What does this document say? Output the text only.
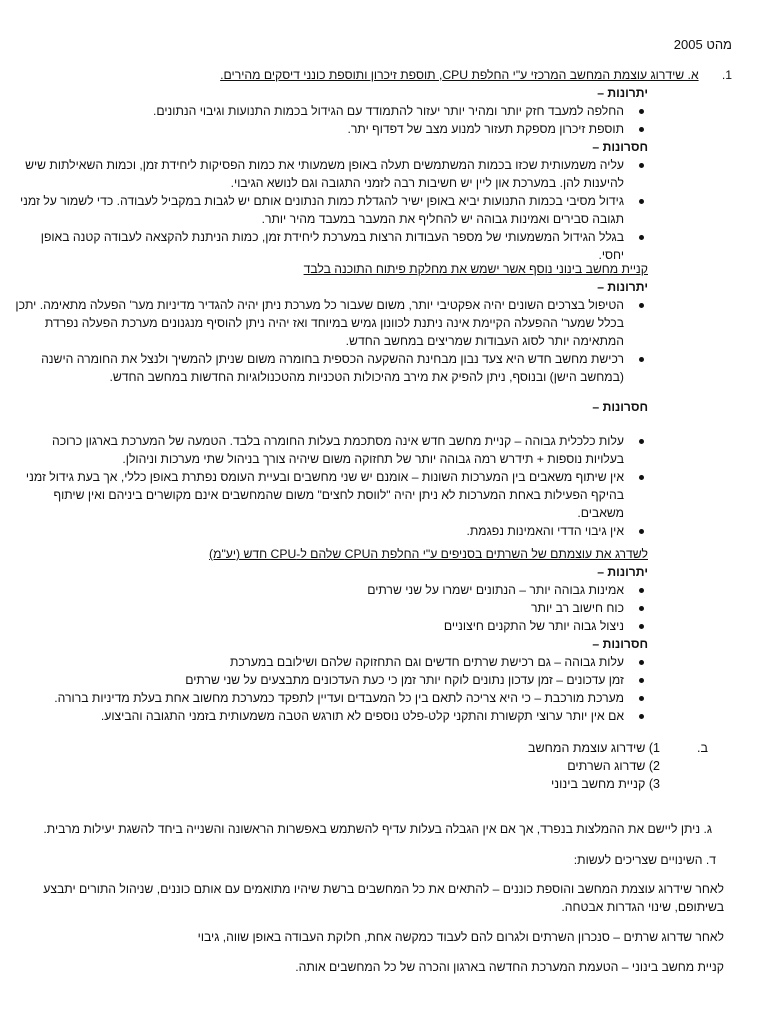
מהט 2005
1. א. שידרוג עוצמת המחשב המרכזי ע"י החלפת CPU, תוספת זיכרון ותוספת כונני דיסקים מהירים.
יתרונות –
החלפה למעבד חזק יותר ומהיר יותר יעזור להתמודד עם הגידול בכמות התנועות וגיבוי הנתונים.
תוספת זיכרון מספקת תעזור למנוע מצב של דפדוף יתר.
חסרונות –
עליה משמעותית שכזו בכמות המשתמשים תעלה באופן משמעותי את כמות הפסיקות ליחידת זמן, וכמות השאילתות שיש להיענות להן. במערכת און ליין יש חשיבות רבה לזמני התגובה וגם לנושא הגיבוי.
גידול מסיבי בכמות התנועות יביא באופן ישיר להגדלת כמות הנתונים אותם יש לגבות במקביל לעבודה. כדי לשמור על זמני תגובה סבירים ואמינות גבוהה יש להחליף את המעבר במעבד מהיר יותר.
בגלל הגידול המשמעותי של מספר העבודות הרצות במערכת ליחידת זמן, כמות הניתנת להקצאה לעבודה קטנה באופן יחסי.
קניית מחשב בינוני נוסף אשר ישמש את מחלקת פיתוח התוכנה בלבד
יתרונות –
הטיפול בצרכים השונים יהיה אפקטיבי יותר, משום שעבור כל מערכת ניתן יהיה להגדיר מדיניות מער' הפעלה מתאימה. יתכן בכלל שמער' ההפעלה הקיימת אינה ניתנת לכוונון גמיש במיוחד ואז יהיה ניתן להוסיף מנגנונים מערכת הפעלה נפרדת המתאימה יותר לסוג העבודות שמריצים במחשב החדש.
רכישת מחשב חדש היא צעד נבון מבחינת ההשקעה הכספית בחומרה משום שניתן להמשיך ולנצל את החומרה הישנה (במחשב הישן) ובנוסף, ניתן להפיק את מירב מהיכולות הטכניות מהטכנולוגיות החדשות במחשב החדש.
חסרונות –
עלות כלכלית גבוהה – קניית מחשב חדש אינה מסתכמת בעלות החומרה בלבד. הטמעה של המערכת בארגון כרוכה בעלויות נוספות + תידרש רמה גבוהה יותר של תחזוקה משום שיהיה צורך בניהול שתי מערכות וניהולן.
אין שיתוף משאבים בין המערכות השונות – אומנם יש שני מחשבים ובעיית העומס נפתרת באופן כללי, אך בעת גידול זמני בהיקף הפעילות באחת המערכות לא ניתן יהיה "לווסת לחצים" משום שהמחשבים אינם מקושרים ביניהם ואין שיתוף משאבים.
אין גיבוי הדדי והאמינות נפגמת.
לשדרג את עוצמתם של השרתים בסניפים ע"י החלפת הCPU שלהם ל-CPU חדש (יע"מ)
יתרונות –
אמינות גבוהה יותר – הנתונים ישמרו על שני שרתים
כוח חישוב רב יותר
ניצול גבוה יותר של התקנים חיצוניים
חסרונות –
עלות גבוהה – גם רכישת שרתים חדשים וגם התחזוקה שלהם ושילובם במערכת
זמן עדכונים – זמן עדכון נתונים לוקח יותר זמן כי כעת העדכונים מתבצעים על שני שרתים
מערכת מורכבת – כי היא צריכה לתאם בין כל המעבדים ועדיין לתפקד כמערכת מחשוב אחת בעלת מדיניות ברורה.
אם אין יותר ערוצי תקשורת והתקני קלט-פלט נוספים לא תורגש הטבה משמעותית בזמני התגובה והביצוע.
ב.
1) שידרוג עוצמת המחשב
2) שדרוג השרתים
3) קניית מחשב בינוני
ג. ניתן ליישם את ההמלצות בנפרד, אך אם אין הגבלה בעלות עדיף להשתמש באפשרות הראשונה והשנייה ביחד להשגת יעילות מרבית.
ד. השינויים שצריכים לעשות:
לאחר שידרוג עוצמת המחשב והוספת כוננים – להתאים את כל המחשבים ברשת שיהיו מתואמים עם אותם כוננים, שניהול התורים יתבצע בשיתופם, שינוי הגדרות אבטחה.
לאחר שדרוג שרתים – סנכרון השרתים ולגרום להם לעבוד כמקשה אחת, חלוקת העבודה באופן שווה, גיבוי
קניית מחשב בינוני – הטעמת המערכת החדשה בארגון והכרה של כל המחשבים אותה.
